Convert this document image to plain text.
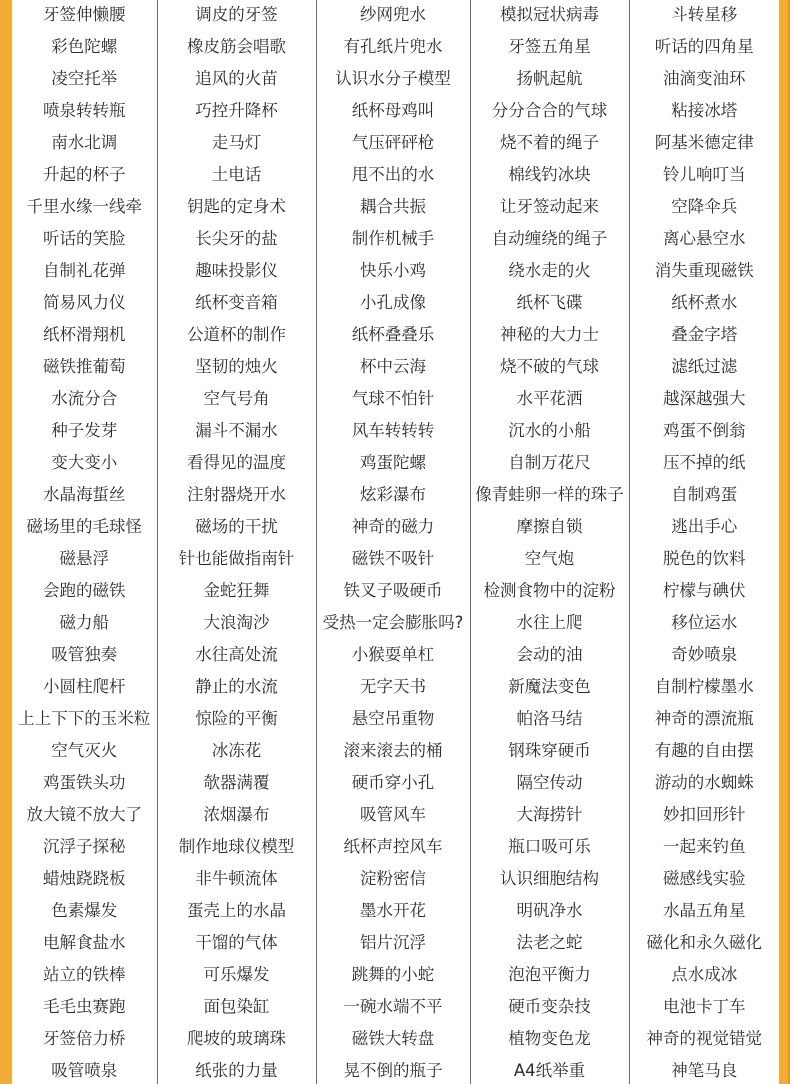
牙签伸懒腰	调皮的牙签	纱网兜水	模拟冠状病毒	斗转星移
彩色陀螺	橡皮筋会唱歌	有孔纸片兜水	牙签五角星	听话的四角星
凌空托举	追风的火苗	认识水分子模型	扬帆起航	油滴变油环
喷泉转转瓶	巧控升降杯	纸杯母鸡叫	分分合合的气球	粘接冰塔
南水北调	走马灯	气压砰砰枪	烧不着的绳子	阿基米德定律
升起的杯子	土电话	甩不出的水	棉线钓冰块	铃儿响叮当
千里水缘一线牵	钥匙的定身术	耦合共振	让牙签动起来	空降伞兵
听话的笑脸	长尖牙的盐	制作机械手	自动缠绕的绳子	离心悬空水
自制礼花弹	趣味投影仪	快乐小鸡	绕水走的火	消失重现磁铁
简易风力仪	纸杯变音箱	小孔成像	纸杯飞碟	纸杯煮水
纸杯滑翔机	公道杯的制作	纸杯叠叠乐	神秘的大力士	叠金字塔
磁铁推葡萄	坚韧的烛火	杯中云海	烧不破的气球	滤纸过滤
水流分合	空气号角	气球不怕针	水平花洒	越深越强大
种子发芽	漏斗不漏水	风车转转转	沉水的小船	鸡蛋不倒翁
变大变小	看得见的温度	鸡蛋陀螺	自制万花尺	压不掉的纸
水晶海蜇丝	注射器烧开水	炫彩瀑布	像青蛙卵一样的珠子	自制鸡蛋
磁场里的毛球怪	磁场的干扰	神奇的磁力	摩擦自锁	逃出手心
磁悬浮	针也能做指南针	磁铁不吸针	空气炮	脱色的饮料
会跑的磁铁	金蛇狂舞	铁叉子吸硬币	检测食物中的淀粉	柠檬与碘伏
磁力船	大浪淘沙	受热一定会膨胀吗?	水往上爬	移位运水
吸管独奏	水往高处流	小猴耍单杠	会动的油	奇妙喷泉
小圆柱爬杆	静止的水流	无字天书	新魔法变色	自制柠檬墨水
上上下下的玉米粒	惊险的平衡	悬空吊重物	帕洛马结	神奇的漂流瓶
空气灭火	冰冻花	滚来滚去的桶	钢珠穿硬币	有趣的自由摆
鸡蛋铁头功	欹器满覆	硬币穿小孔	隔空传动	游动的水蜘蛛
放大镜不放大了	浓烟瀑布	吸管风车	大海捞针	妙扣回形针
沉浮子探秘	制作地球仪模型	纸杯声控风车	瓶口吸可乐	一起来钓鱼
蜡烛跷跷板	非牛顿流体	淀粉密信	认识细胞结构	磁感线实验
色素爆发	蛋壳上的水晶	墨水开花	明矾净水	水晶五角星
电解食盐水	干馏的气体	铝片沉浮	法老之蛇	磁化和永久磁化
站立的铁棒	可乐爆发	跳舞的小蛇	泡泡平衡力	点水成冰
毛毛虫赛跑	面包染缸	一碗水端不平	硬币变杂技	电池卡丁车
牙签倍力桥	爬坡的玻璃珠	磁铁大转盘	植物变色龙	神奇的视觉错觉
吸管喷泉	纸张的力量	晃不倒的瓶子	A4纸举重	神笔马良
